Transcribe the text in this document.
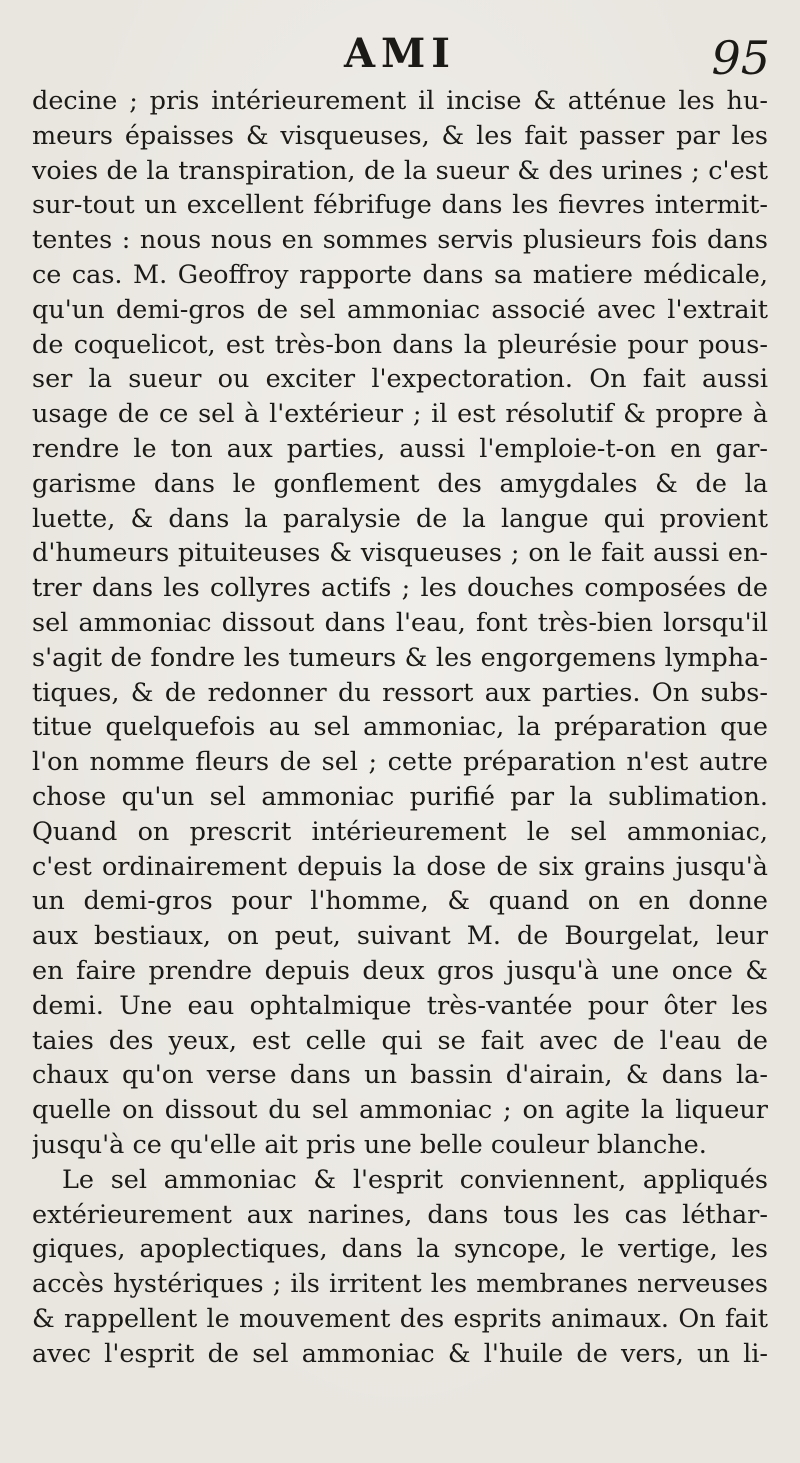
AMI	95
decine ; pris intérieurement il incise & atténue les hu-
meurs épaisses & visqueuses, & les fait passer par les
voies de la transpiration, de la sueur & des urines ; c'est
sur-tout un excellent fébrifuge dans les fievres intermit-
tentes : nous nous en sommes servis plusieurs fois dans
ce cas. M. Geoffroy rapporte dans sa matiere médicale,
qu'un demi-gros de sel ammoniac associé avec l'extrait
de coquelicot, est très-bon dans la pleurésie pour pous-
ser la sueur ou exciter l'expectoration. On fait aussi
usage de ce sel à l'extérieur ; il est résolutif & propre à
rendre le ton aux parties, aussi l'emploie-t-on en gar-
garisme dans le gonflement des amygdales & de la
luette, & dans la paralysie de la langue qui provient
d'humeurs pituiteuses & visqueuses ; on le fait aussi en-
trer dans les collyres actifs ; les douches composées de
sel ammoniac dissout dans l'eau, font très-bien lorsqu'il
s'agit de fondre les tumeurs & les engorgemens lympha-
tiques, & de redonner du ressort aux parties. On subs-
titue quelquefois au sel ammoniac, la préparation que
l'on nomme fleurs de sel ; cette préparation n'est autre
chose qu'un sel ammoniac purifié par la sublimation.
Quand on prescrit intérieurement le sel ammoniac,
c'est ordinairement depuis la dose de six grains jusqu'à
un demi-gros pour l'homme, & quand on en donne
aux bestiaux, on peut, suivant M. de Bourgelat, leur
en faire prendre depuis deux gros jusqu'à une once &
demi. Une eau ophtalmique très-vantée pour ôter les
taies des yeux, est celle qui se fait avec de l'eau de
chaux qu'on verse dans un bassin d'airain, & dans la-
quelle on dissout du sel ammoniac ; on agite la liqueur
jusqu'à ce qu'elle ait pris une belle couleur blanche.
Le sel ammoniac & l'esprit conviennent, appliqués
extérieurement aux narines, dans tous les cas léthar-
giques, apoplectiques, dans la syncope, le vertige, les
accès hystériques ; ils irritent les membranes nerveuses
& rappellent le mouvement des esprits animaux. On fait
avec l'esprit de sel ammoniac & l'huile de vers, un li-
